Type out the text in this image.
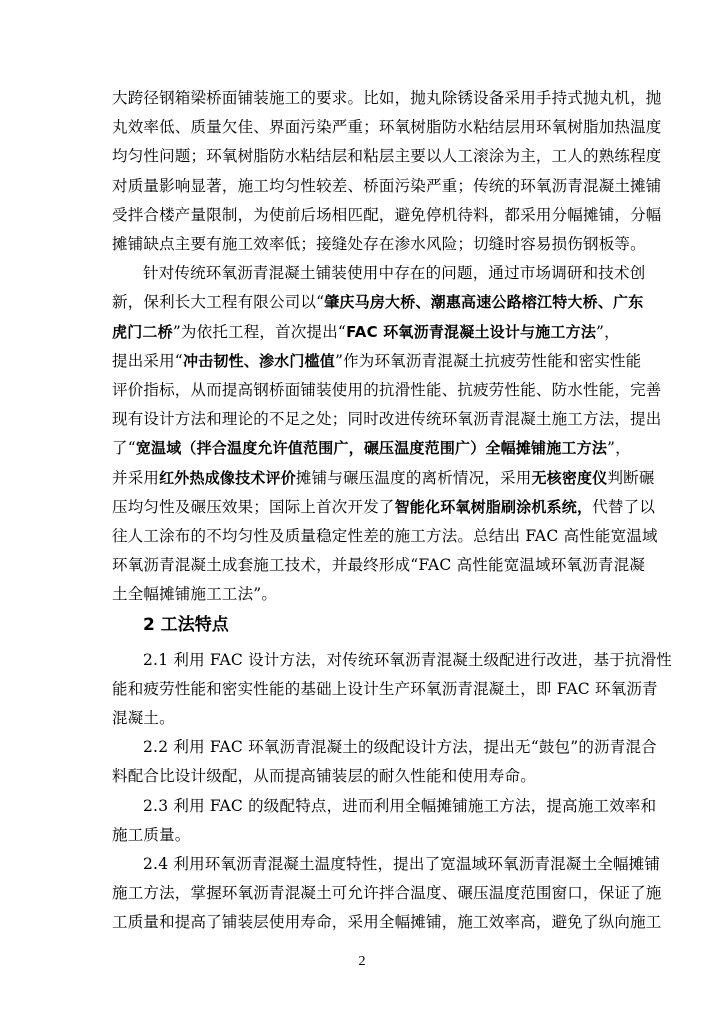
大跨径钢箱梁桥面铺装施工的要求。比如，抛丸除锈设备采用手持式抛丸机，抛

丸效率低、质量欠佳、界面污染严重；环氧树脂防水粘结层用环氧树脂加热温度

均匀性问题；环氧树脂防水粘结层和粘层主要以人工滚涂为主，工人的熟练程度

对质量影响显著，施工均匀性较差、桥面污染严重；传统的环氧沥青混凝土摊铺

受拌合楼产量限制，为使前后场相匹配，避免停机待料，都采用分幅摊铺，分幅

摊铺缺点主要有施工效率低；接缝处存在渗水风险；切缝时容易损伤钢板等。

针对传统环氧沥青混凝土铺装使用中存在的问题，通过市场调研和技术创

新，保利长大工程有限公司以“肇庆马房大桥、潮惠高速公路榕江特大桥、广东

虎门二桥”为依托工程，首次提出“FAC 环氧沥青混凝土设计与施工方法”，

提出采用“冲击韧性、渗水门槛值”作为环氧沥青混凝土抗疲劳性能和密实性能

评价指标，从而提高钢桥面铺装使用的抗滑性能、抗疲劳性能、防水性能，完善

现有设计方法和理论的不足之处；同时改进传统环氧沥青混凝土施工方法，提出

了“宽温域（拌合温度允许值范围广，碾压温度范围广）全幅摊铺施工方法”，

并采用红外热成像技术评价摊铺与碾压温度的离析情况，采用无核密度仪判断碾

压均匀性及碾压效果；国际上首次开发了智能化环氧树脂刷涂机系统，代替了以

往人工涂布的不均匀性及质量稳定性差的施工方法。总结出 FAC 高性能宽温域

环氧沥青混凝土成套施工技术，并最终形成“FAC 高性能宽温域环氧沥青混凝

土全幅摊铺施工工法”。

2 工法特点

2.1 利用 FAC 设计方法，对传统环氧沥青混凝土级配进行改进，基于抗滑性

能和疲劳性能和密实性能的基础上设计生产环氧沥青混凝土，即 FAC 环氧沥青

混凝土。

2.2 利用 FAC 环氧沥青混凝土的级配设计方法，提出无“鼓包”的沥青混合

料配合比设计级配，从而提高铺装层的耐久性能和使用寿命。

2.3 利用 FAC 的级配特点，进而利用全幅摊铺施工方法，提高施工效率和

施工质量。

2.4 利用环氧沥青混凝土温度特性，提出了宽温域环氧沥青混凝土全幅摊铺

施工方法，掌握环氧沥青混凝土可允许拌合温度、碾压温度范围窗口，保证了施

工质量和提高了铺装层使用寿命，采用全幅摊铺，施工效率高，避免了纵向施工

2
